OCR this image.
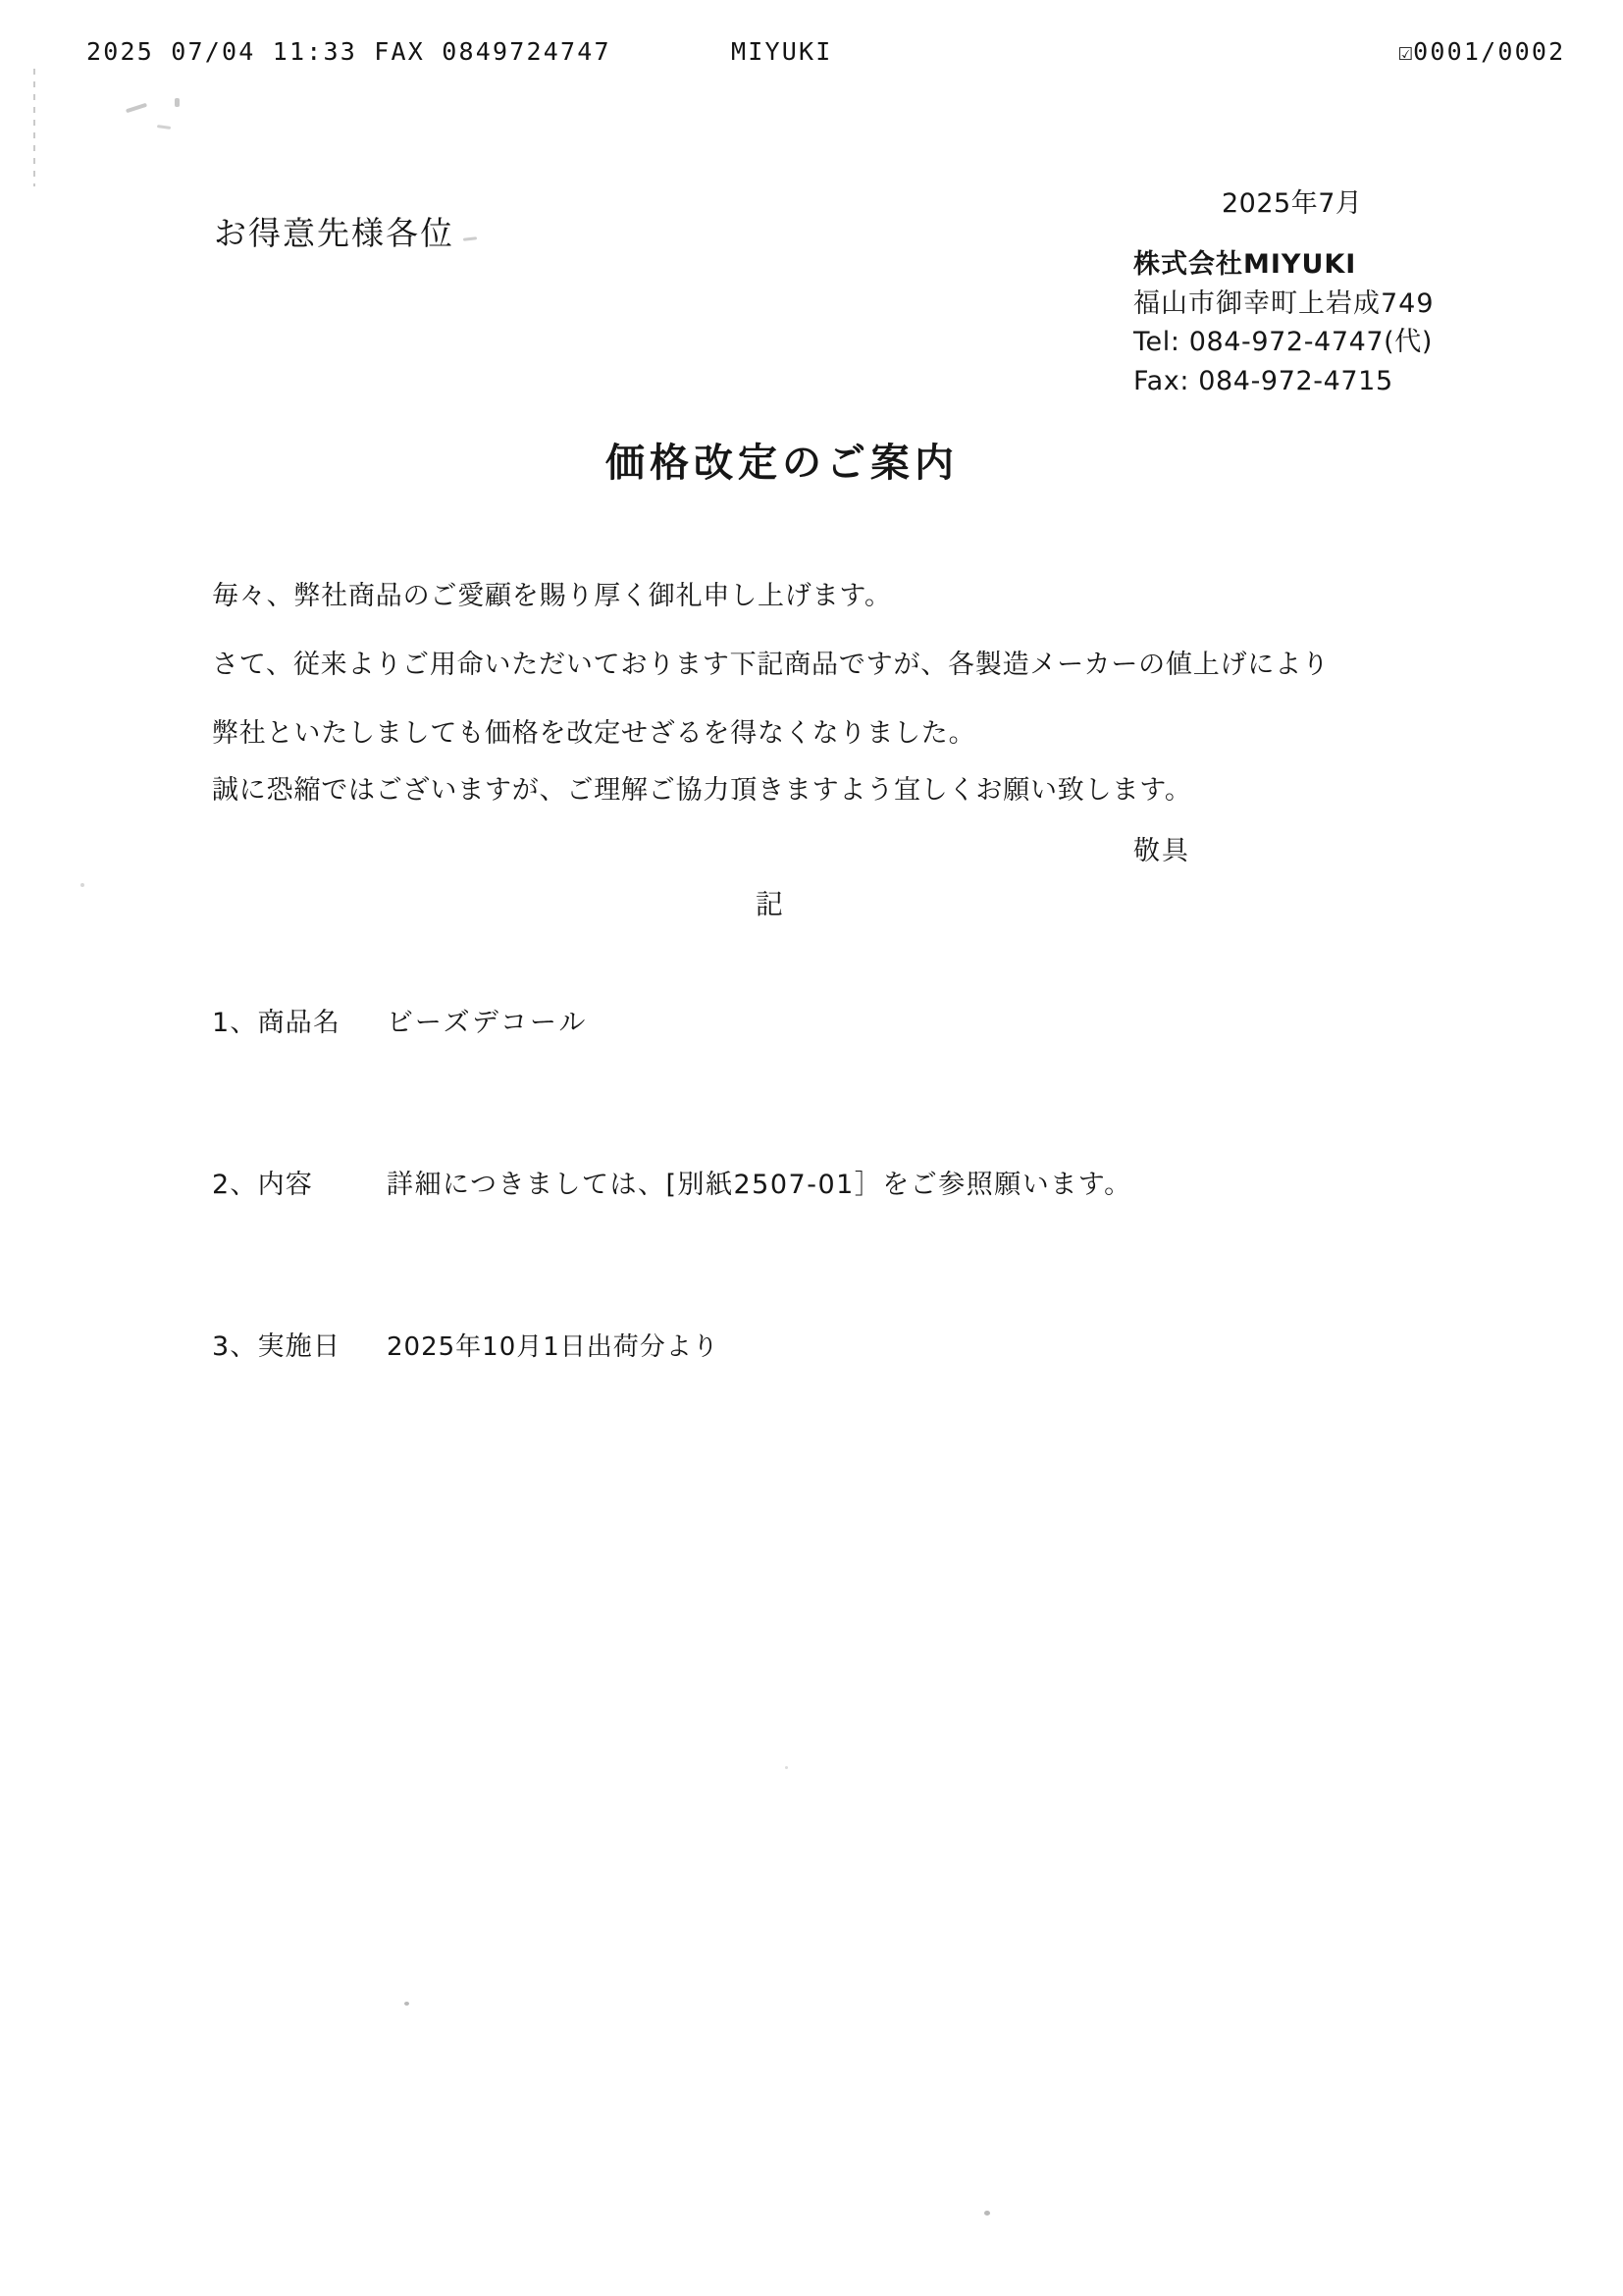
2025 07/04 11:33 FAX 0849724747	MIYUKI	☑0001/0002
2025年7月
お得意先様各位
株式会社MIYUKI
福山市御幸町上岩成749
Tel: 084-972-4747(代)
Fax: 084-972-4715
価格改定のご案内
毎々、弊社商品のご愛顧を賜り厚く御礼申し上げます。
さて、従来よりご用命いただいております下記商品ですが、各製造メーカーの値上げにより
弊社といたしましても価格を改定せざるを得なくなりました。
誠に恐縮ではございますが、ご理解ご協力頂きますよう宜しくお願い致します。
敬具
記
1、商品名 ビーズデコール
2、内容	詳細につきましては、[別紙2507-01］をご参照願います。
3、実施日 2025年10月1日出荷分より
